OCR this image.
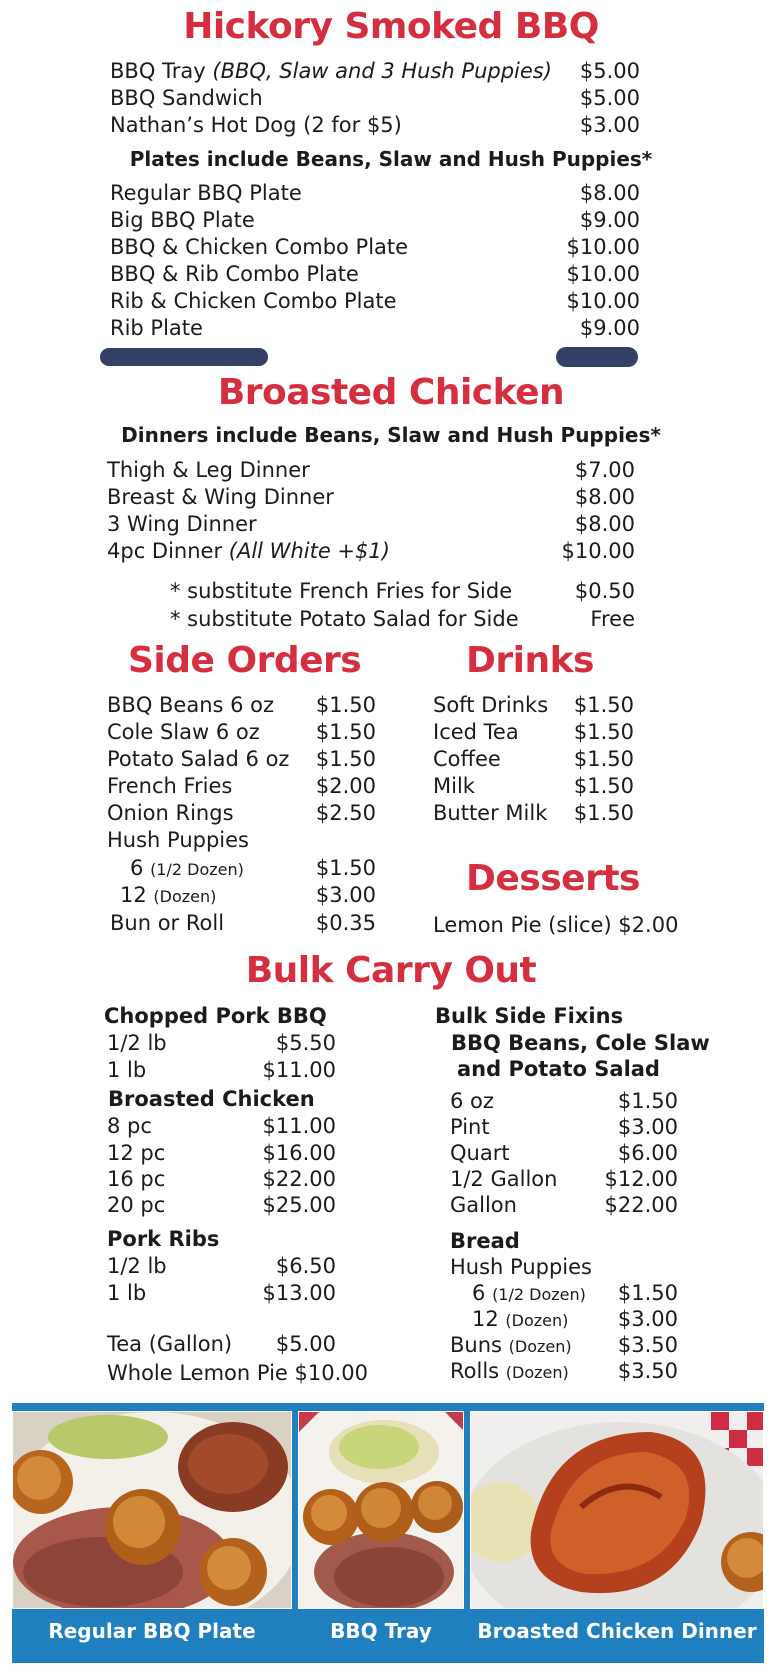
Hickory Smoked BBQ
BBQ Tray (BBQ, Slaw and 3 Hush Puppies)	$5.00
BBQ Sandwich	$5.00
Nathan’s Hot Dog (2 for $5)	$3.00
Plates include Beans, Slaw and Hush Puppies*
Regular BBQ Plate	$8.00
Big BBQ Plate	$9.00
BBQ & Chicken Combo Plate	$10.00
BBQ & Rib Combo Plate	$10.00
Rib & Chicken Combo Plate	$10.00
Rib Plate	$9.00
Broasted Chicken
Dinners include Beans, Slaw and Hush Puppies*
Thigh & Leg Dinner	$7.00
Breast & Wing Dinner	$8.00
3 Wing Dinner	$8.00
4pc Dinner (All White +$1)	$10.00
* substitute French Fries for Side	$0.50
* substitute Potato Salad for Side	Free
Side Orders
BBQ Beans 6 oz	$1.50
Cole Slaw 6 oz	$1.50
Potato Salad 6 oz	$1.50
French Fries	$2.00
Onion Rings	$2.50
Hush Puppies
6 (1/2 Dozen)	$1.50
12 (Dozen)	$3.00
Bun or Roll	$0.35
Drinks
Soft Drinks	$1.50
Iced Tea	$1.50
Coffee	$1.50
Milk	$1.50
Butter Milk	$1.50
Desserts
Lemon Pie (slice) $2.00
Bulk Carry Out
Chopped Pork BBQ
1/2 lb	$5.50
1 lb	$11.00
Broasted Chicken
8 pc	$11.00
12 pc	$16.00
16 pc	$22.00
20 pc	$25.00
Pork Ribs
1/2 lb	$6.50
1 lb	$13.00
Tea (Gallon)	$5.00
Whole Lemon Pie $10.00
Bulk Side Fixins
BBQ Beans, Cole Slaw
and Potato Salad
6 oz	$1.50
Pint	$3.00
Quart	$6.00
1/2 Gallon	$12.00
Gallon	$22.00
Bread
Hush Puppies
6 (1/2 Dozen)	$1.50
12 (Dozen)	$3.00
Buns (Dozen)	$3.50
Rolls (Dozen)	$3.50
Regular BBQ Plate	BBQ Tray	Broasted Chicken Dinner
